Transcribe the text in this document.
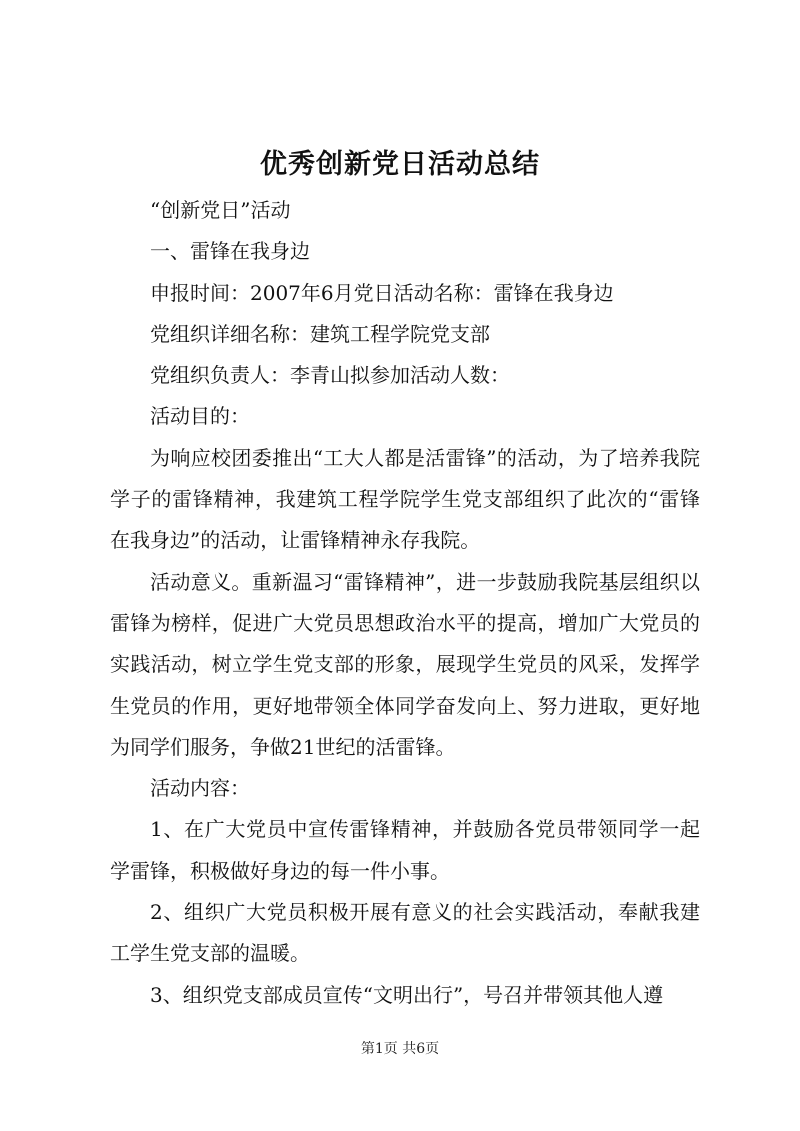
优秀创新党日活动总结

“创新党日”活动

一、雷锋在我身边

申报时间：2007年6月党日活动名称：雷锋在我身边

党组织详细名称：建筑工程学院党支部

党组织负责人：李青山拟参加活动人数：

活动目的：

为响应校团委推出“工大人都是活雷锋”的活动，为了培养我院学子的雷锋精神，我建筑工程学院学生党支部组织了此次的“雷锋在我身边”的活动，让雷锋精神永存我院。

活动意义。重新温习“雷锋精神”，进一步鼓励我院基层组织以雷锋为榜样，促进广大党员思想政治水平的提高，增加广大党员的实践活动，树立学生党支部的形象，展现学生党员的风采，发挥学生党员的作用，更好地带领全体同学奋发向上、努力进取，更好地为同学们服务，争做21世纪的活雷锋。

活动内容：

1、在广大党员中宣传雷锋精神，并鼓励各党员带领同学一起学雷锋，积极做好身边的每一件小事。

2、组织广大党员积极开展有意义的社会实践活动，奉献我建工学生党支部的温暖。

3、组织党支部成员宣传“文明出行”，号召并带领其他人遵

第1页 共6页
